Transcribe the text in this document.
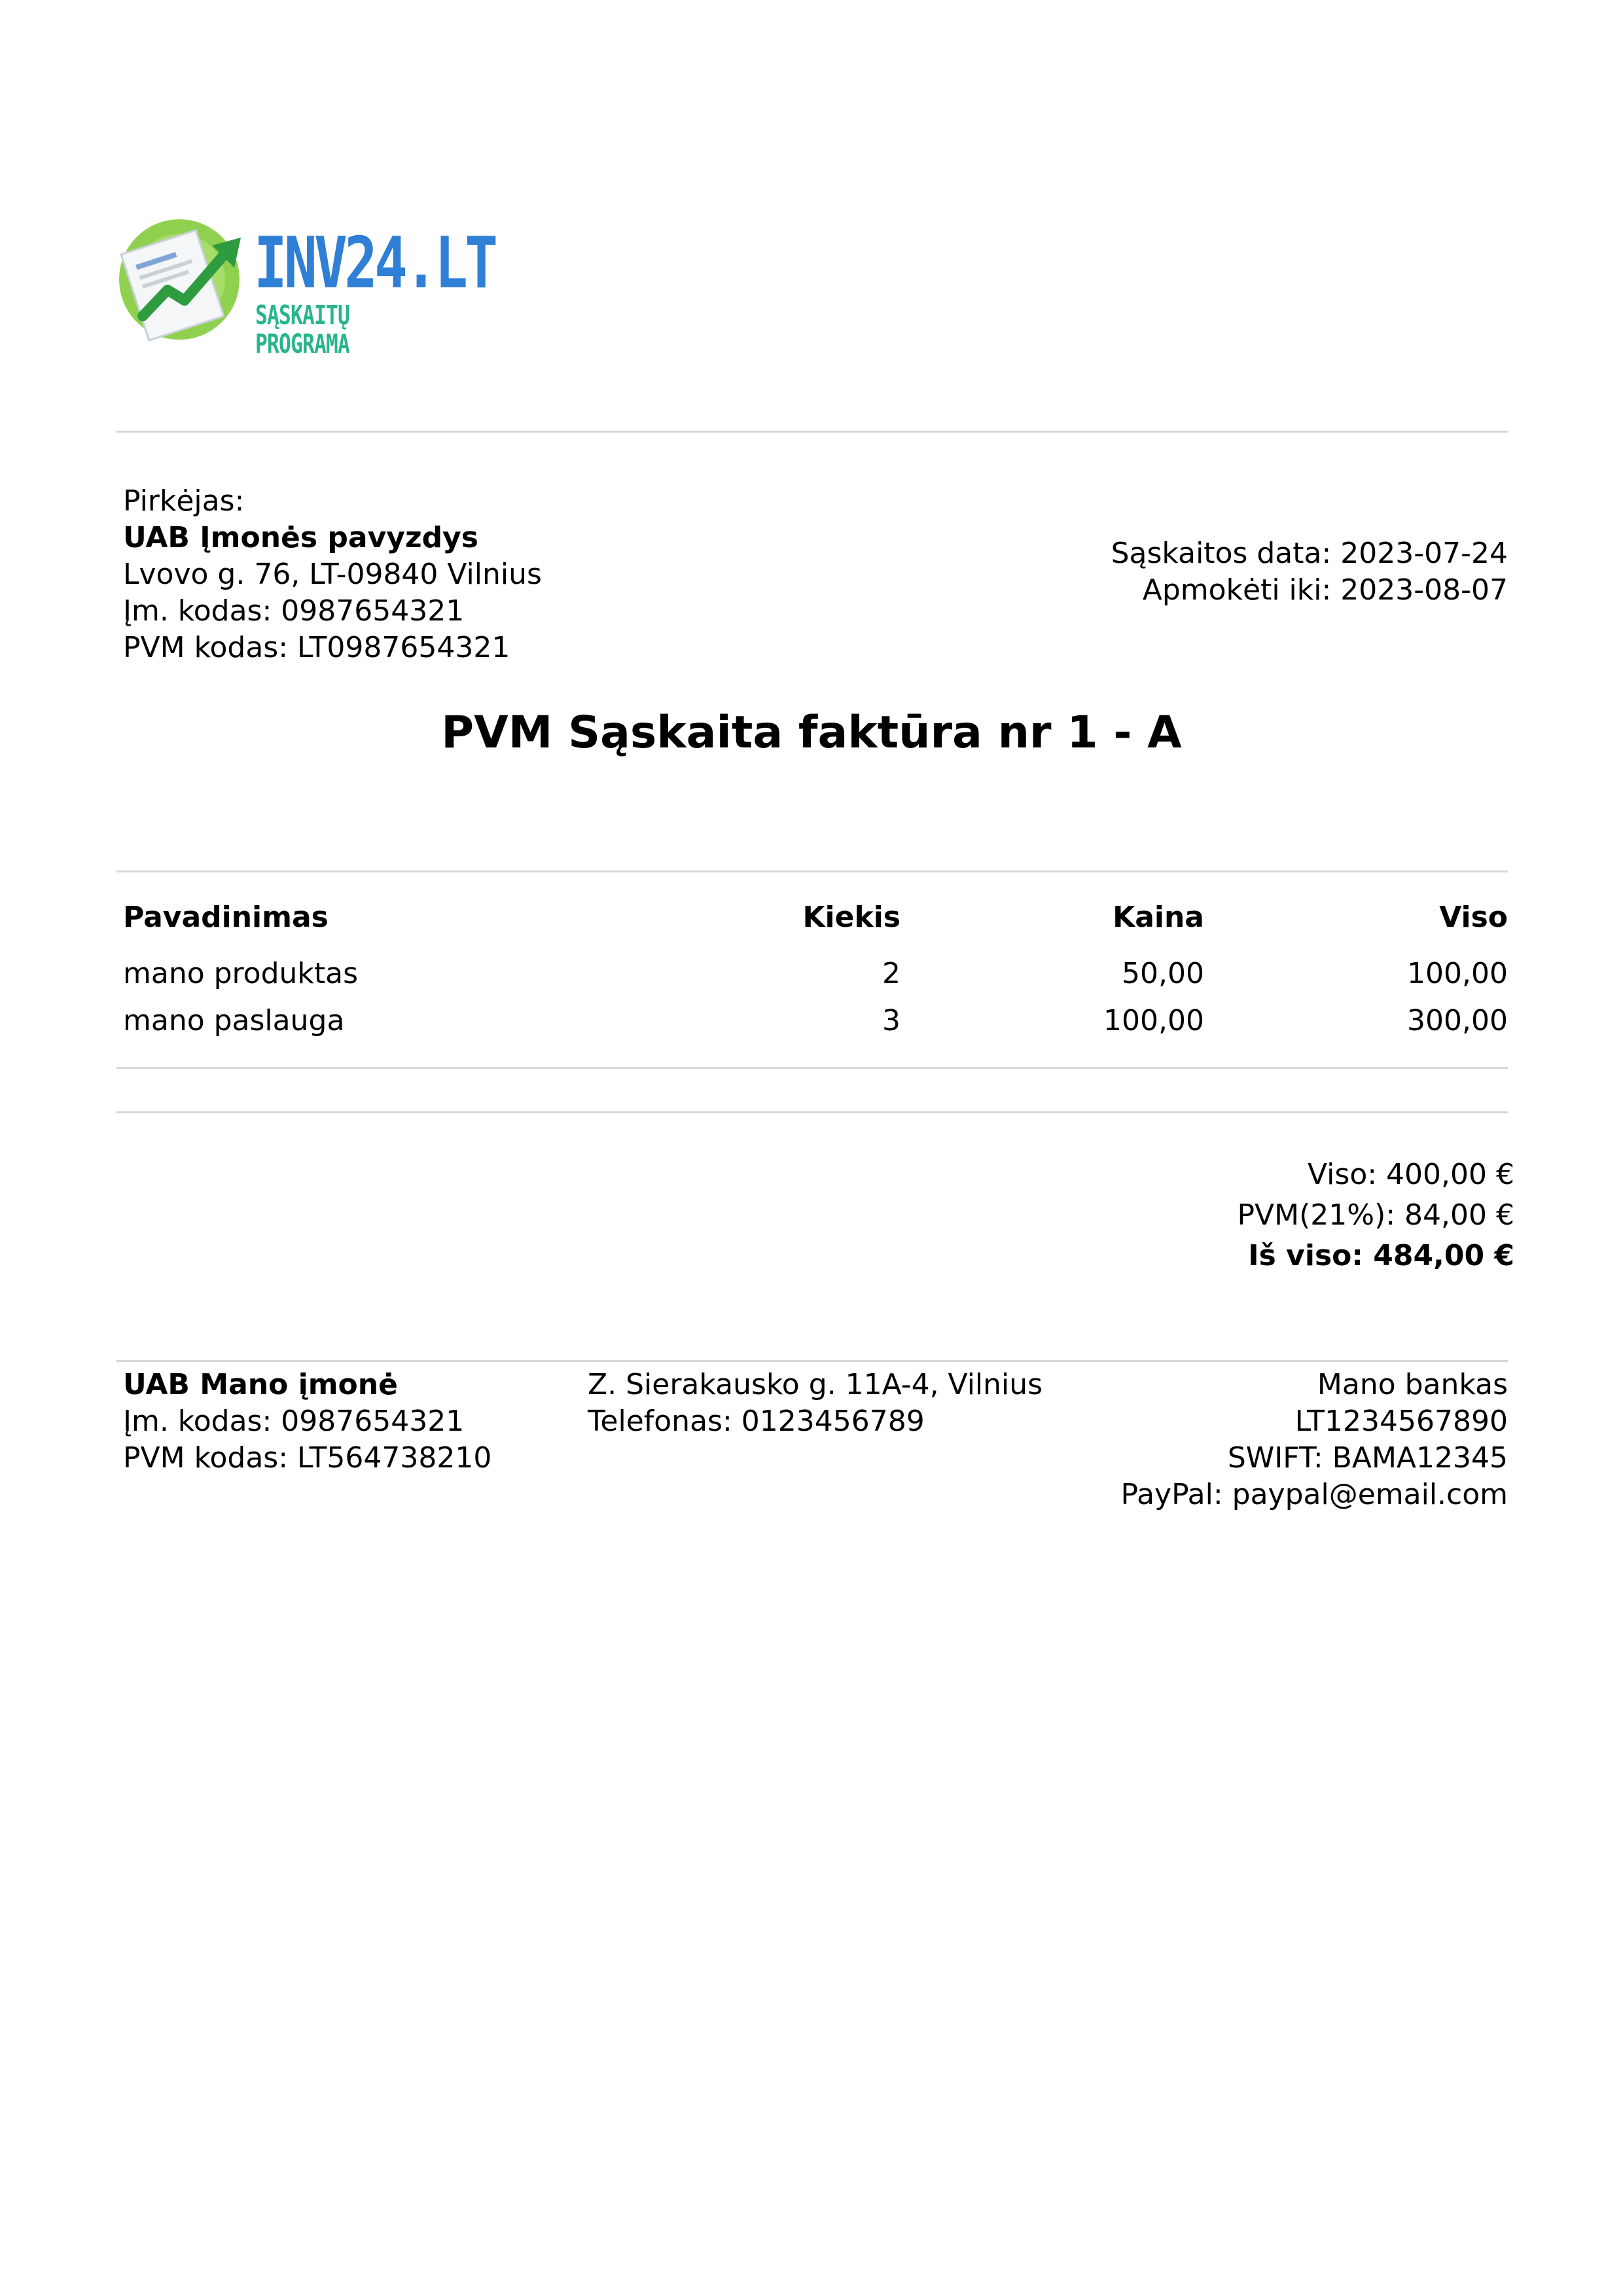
INV24.LT
SĄSKAITŲ PROGRAMA
Pirkėjas:
UAB Įmonės pavyzdys
Lvovo g. 76, LT-09840 Vilnius
Įm. kodas: 0987654321
PVM kodas: LT0987654321
Sąskaitos data: 2023-07-24
Apmokėti iki: 2023-08-07
PVM Sąskaita faktūra nr 1 - A
Pavadinimas	Kiekis	Kaina	Viso
mano produktas	2	50,00	100,00
mano paslauga	3	100,00	300,00
Viso: 400,00 €
PVM(21%): 84,00 €
Iš viso: 484,00 €
UAB Mano įmonė
Įm. kodas: 0987654321
PVM kodas: LT564738210
Z. Sierakausko g. 11A-4, Vilnius
Telefonas: 0123456789
Mano bankas
LT1234567890
SWIFT: BAMA12345
PayPal: paypal@email.com
